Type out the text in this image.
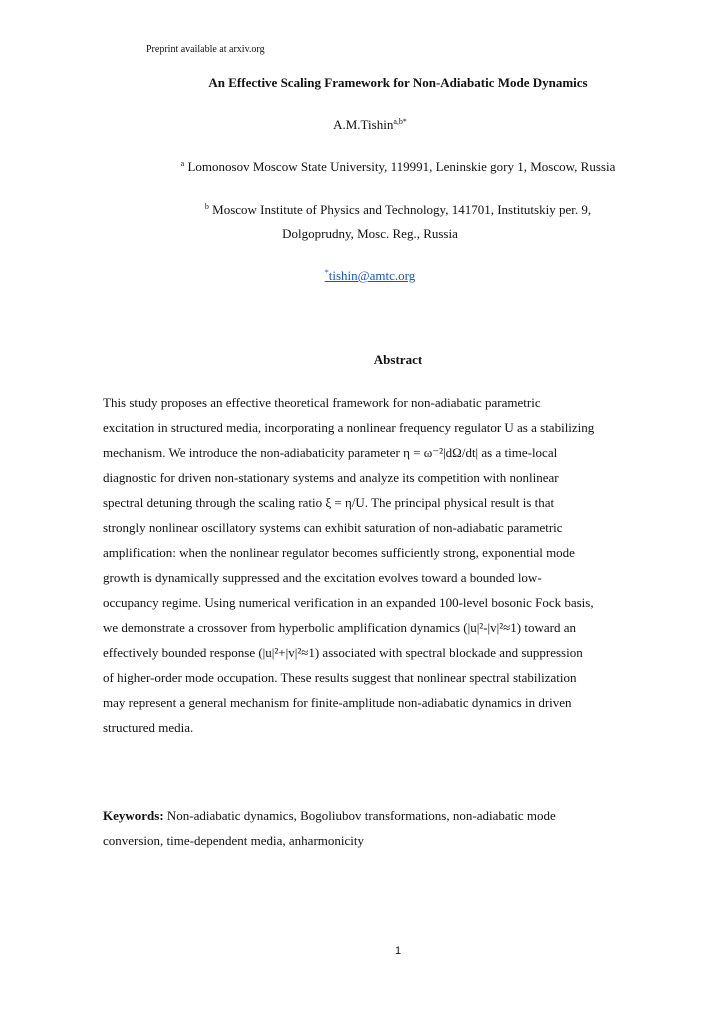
Preprint available at arxiv.org
An Effective Scaling Framework for Non-Adiabatic Mode Dynamics
A.M.Tishin$^{a,b*}$
$^a$ Lomonosov Moscow State University, 119991, Leninskie gory 1, Moscow, Russia
$^b$ Moscow Institute of Physics and Technology, 141701, Institutskiy per. 9,
Dolgoprudny, Mosc. Reg., Russia
*tishin@amtc.org
Abstract

This study proposes an effective theoretical framework for non-adiabatic parametric
excitation in structured media, incorporating a nonlinear frequency regulator U as a stabilizing
mechanism. We introduce the non-adiabaticity parameter η = ω⁻²|dΩ/dt| as a time-local
diagnostic for driven non-stationary systems and analyze its competition with nonlinear
spectral detuning through the scaling ratio ξ = η/U. The principal physical result is that
strongly nonlinear oscillatory systems can exhibit saturation of non-adiabatic parametric
amplification: when the nonlinear regulator becomes sufficiently strong, exponential mode
growth is dynamically suppressed and the excitation evolves toward a bounded low-
occupancy regime. Using numerical verification in an expanded 100-level bosonic Fock basis,
we demonstrate a crossover from hyperbolic amplification dynamics (|u|²-|v|²≈1) toward an
effectively bounded response (|u|²+|v|²≈1) associated with spectral blockade and suppression
of higher-order mode occupation. These results suggest that nonlinear spectral stabilization
may represent a general mechanism for finite-amplitude non-adiabatic dynamics in driven
structured media.

Keywords: Non-adiabatic dynamics, Bogoliubov transformations, non-adiabatic mode
conversion, time-dependent media, anharmonicity

1
